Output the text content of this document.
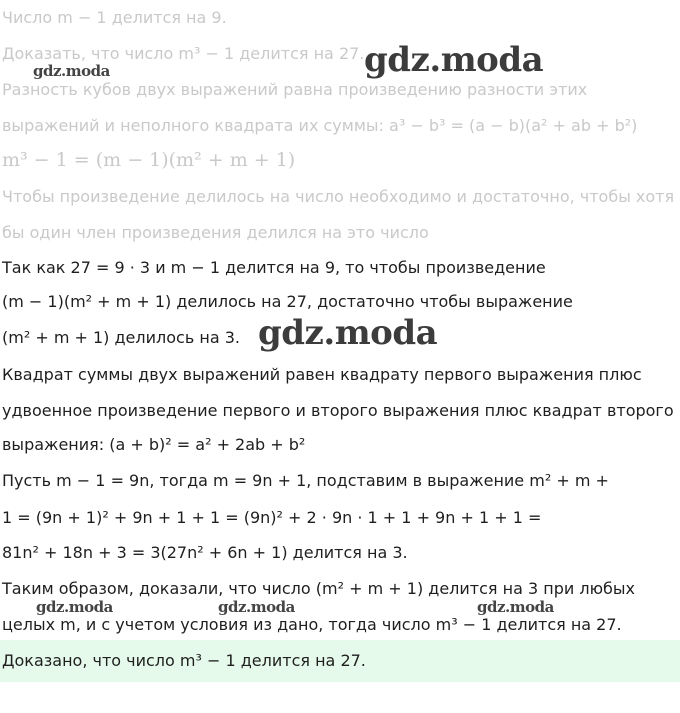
Число m − 1 делится на 9.
Доказать, что число m³ − 1 делится на 27.
Разность кубов двух выражений равна произведению разности этих
выражений и неполного квадрата их суммы: a³ − b³ = (a − b)(a² + ab + b²)
m³ − 1 = (m − 1)(m² + m + 1)
Чтобы произведение делилось на число необходимо и достаточно, чтобы хотя
бы один член произведения делился на это число
Так как 27 = 9 · 3 и m − 1 делится на 9, то чтобы произведение
(m − 1)(m² + m + 1) делилось на 27, достаточно чтобы выражение
(m² + m + 1) делилось на 3.
Квадрат суммы двух выражений равен квадрату первого выражения плюс
удвоенное произведение первого и второго выражения плюс квадрат второго
выражения: (a + b)² = a² + 2ab + b²
Пусть m − 1 = 9n, тогда m = 9n + 1, подставим в выражение m² + m +
1 = (9n + 1)² + 9n + 1 + 1 = (9n)² + 2 · 9n · 1 + 1 + 9n + 1 + 1 =
81n² + 18n + 3 = 3(27n² + 6n + 1) делится на 3.
Таким образом, доказали, что число (m² + m + 1) делится на 3 при любых
целых m, и с учетом условия из дано, тогда число m³ − 1 делится на 27.
Доказано, что число m³ − 1 делится на 27.
gdz.moda	gdz.moda
gdz.moda
gdz.moda	gdz.moda	gdz.moda
